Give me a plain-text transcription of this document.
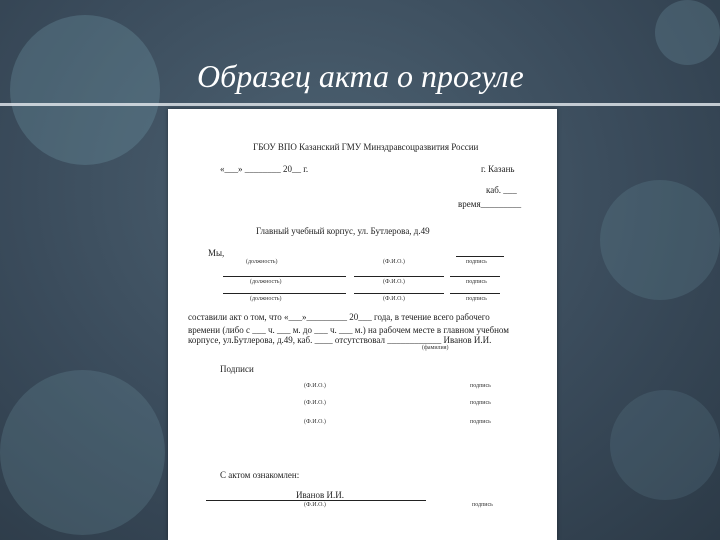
Образец акта о прогуле
ГБОУ ВПО Казанский ГМУ Минздравсоцразвития России
«___» ________ 20__ г.	г. Казань
каб. ___
время_________
Главный учебный корпус, ул. Бутлерова, д.49
Мы,
(должность)	(Ф.И.О.)	подпись
(должность)	(Ф.И.О.)	подпись
(должность)	(Ф.И.О.)	подпись
составили акт о том, что «___»_________ 20___ года, в течение всего рабочего
времени (либо с ___ ч. ___ м. до ___ ч. ___ м.) на рабочем месте в главном учебном
корпусе, ул.Бутлерова, д.49, каб. ____ отсутствовал ____________ Иванов И.И.
(фамилия)
Подписи
(Ф.И.О.)	подпись
(Ф.И.О.)	подпись
(Ф.И.О.)	подпись
С актом ознакомлен:
Иванов И.И.
(Ф.И.О.)	подпись
